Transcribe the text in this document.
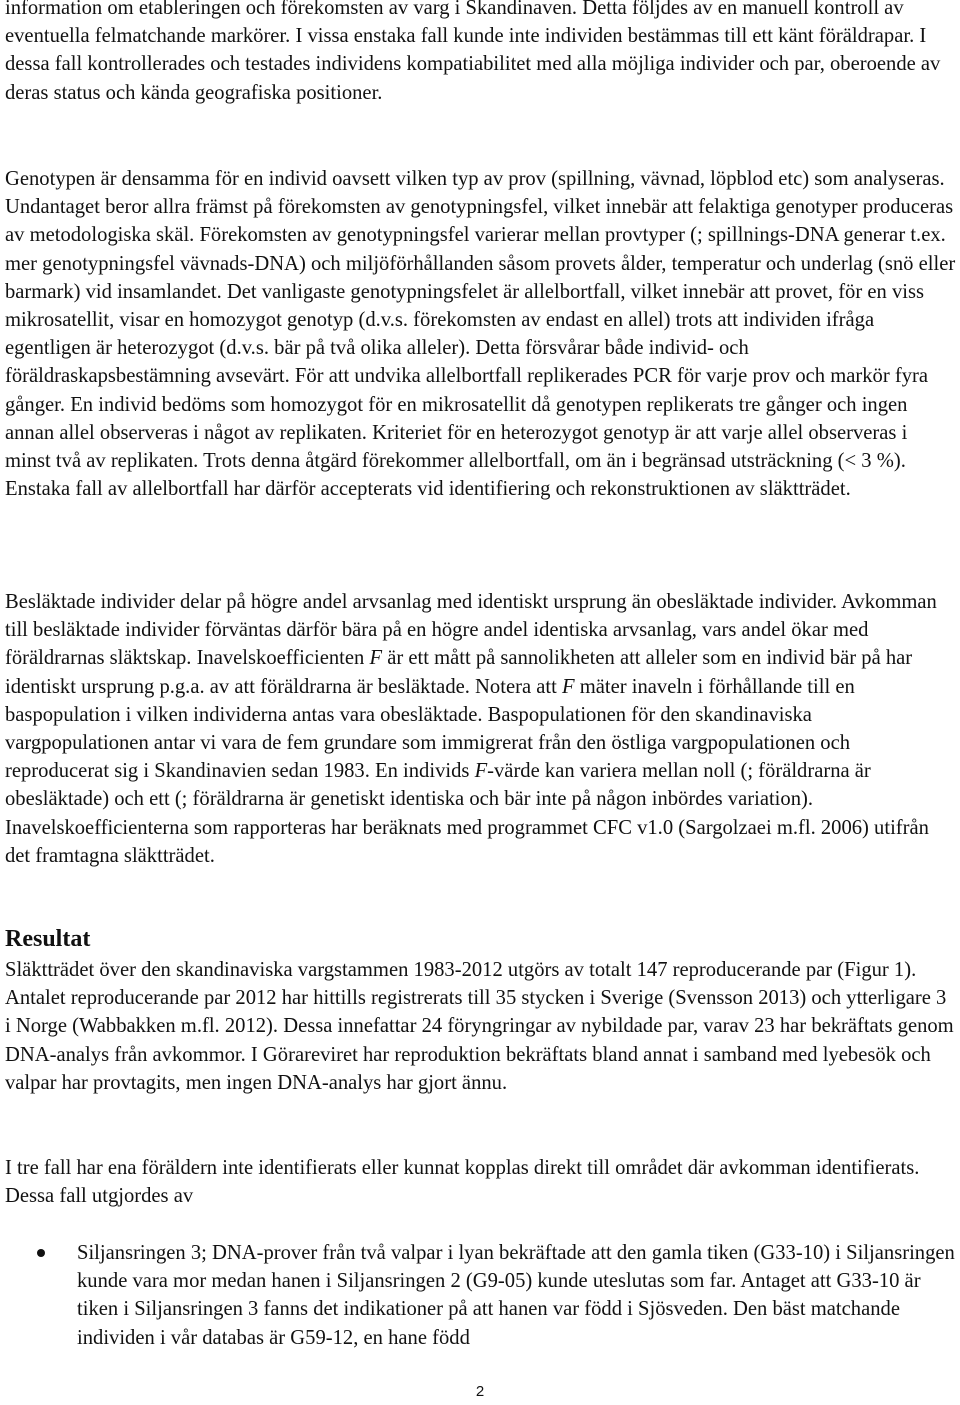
information om etableringen och förekomsten av varg i Skandinaven. Detta följdes av en manuell kontroll av eventuella felmatchande markörer. I vissa enstaka fall kunde inte individen bestämmas till ett känt föräldrapar. I dessa fall kontrollerades och testades individens kompatiabilitet med alla möjliga individer och par, oberoende av deras status och kända geografiska positioner.

Genotypen är densamma för en individ oavsett vilken typ av prov (spillning, vävnad, löpblod etc) som analyseras. Undantaget beror allra främst på förekomsten av genotypningsfel, vilket innebär att felaktiga genotyper produceras av metodologiska skäl. Förekomsten av genotypningsfel varierar mellan provtyper (; spillnings-DNA generar t.ex. mer genotypningsfel vävnads-DNA) och miljöförhållanden såsom provets ålder, temperatur och underlag (snö eller barmark) vid insamlandet. Det vanligaste genotypningsfelet är allelbortfall, vilket innebär att provet, för en viss mikrosatellit, visar en homozygot genotyp (d.v.s. förekomsten av endast en allel) trots att individen ifråga egentligen är heterozygot (d.v.s. bär på två olika alleler). Detta försvårar både individ- och föräldraskapsbestämning avsevärt. För att undvika allelbortfall replikerades PCR för varje prov och markör fyra gånger. En individ bedöms som homozygot för en mikrosatellit då genotypen replikerats tre gånger och ingen annan allel observeras i något av replikaten. Kriteriet för en heterozygot genotyp är att varje allel observeras i minst två av replikaten. Trots denna åtgärd förekommer allelbortfall, om än i begränsad utsträckning (< 3 %). Enstaka fall av allelbortfall har därför accepterats vid identifiering och rekonstruktionen av släktträdet.

Besläktade individer delar på högre andel arvsanlag med identiskt ursprung än obesläktade individer. Avkomman till besläktade individer förväntas därför bära på en högre andel identiska arvsanlag, vars andel ökar med föräldrarnas släktskap. Inavelskoefficienten F är ett mått på sannolikheten att alleler som en individ bär på har identiskt ursprung p.g.a. av att föräldrarna är besläktade. Notera att F mäter inaveln i förhållande till en baspopulation i vilken individerna antas vara obesläktade. Baspopulationen för den skandinaviska vargpopulationen antar vi vara de fem grundare som immigrerat från den östliga vargpopulationen och reproducerat sig i Skandinavien sedan 1983. En individs F-värde kan variera mellan noll (; föräldrarna är obesläktade) och ett (; föräldrarna är genetiskt identiska och bär inte på någon inbördes variation). Inavelskoefficienterna som rapporteras har beräknats med programmet CFC v1.0 (Sargolzaei m.fl. 2006) utifrån det framtagna släktträdet.

Resultat

Släktträdet över den skandinaviska vargstammen 1983-2012 utgörs av totalt 147 reproducerande par (Figur 1). Antalet reproducerande par 2012 har hittills registrerats till 35 stycken i Sverige (Svensson 2013) och ytterligare 3 i Norge (Wabbakken m.fl. 2012). Dessa innefattar 24 föryngringar av nybildade par, varav 23 har bekräftats genom DNA-analys från avkommor. I Görareviret har reproduktion bekräftats bland annat i samband med lyebesök och valpar har provtagits, men ingen DNA-analys har gjort ännu.

I tre fall har ena föräldern inte identifierats eller kunnat kopplas direkt till området där avkomman identifierats. Dessa fall utgjordes av

Siljansringen 3; DNA-prover från två valpar i lyan bekräftade att den gamla tiken (G33-10) i Siljansringen kunde vara mor medan hanen i Siljansringen 2 (G9-05) kunde uteslutas som far. Antaget att G33-10 är tiken i Siljansringen 3 fanns det indikationer på att hanen var född i Sjösveden. Den bäst matchande individen i vår databas är G59-12, en hane född
2
